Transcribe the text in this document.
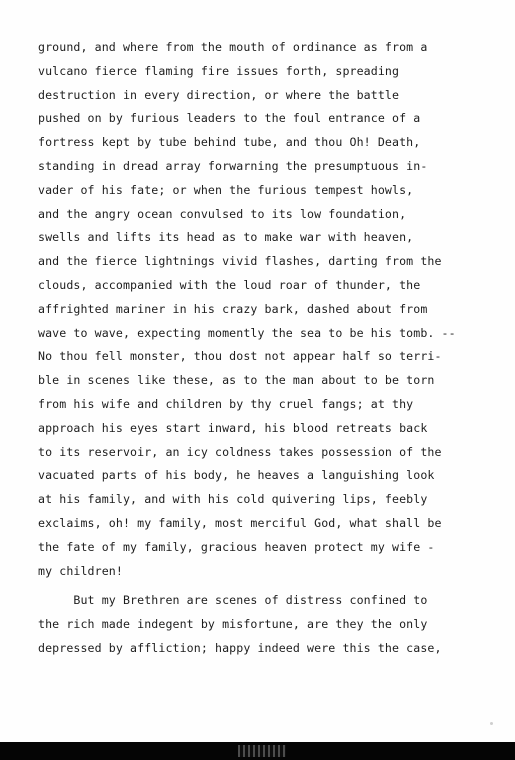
ground, and where from the mouth of ordinance as from a
vulcano fierce flaming fire issues forth, spreading
destruction in every direction, or where the battle
pushed on by furious leaders to the foul entrance of a
fortress kept by tube behind tube, and thou Oh! Death,
standing in dread array forwarning the presumptuous in-
vader of his fate; or when the furious tempest howls,
and the angry ocean convulsed to its low foundation,
swells and lifts its head as to make war with heaven,
and the fierce lightnings vivid flashes, darting from the
clouds, accompanied with the loud roar of thunder, the
affrighted mariner in his crazy bark, dashed about from
wave to wave, expecting momently the sea to be his tomb. --
No thou fell monster, thou dost not appear half so terri-
ble in scenes like these, as to the man about to be torn
from his wife and children by thy cruel fangs; at thy
approach his eyes start inward, his blood retreats back
to its reservoir, an icy coldness takes possession of the
vacuated parts of his body, he heaves a languishing look
at his family, and with his cold quivering lips, feebly
exclaims, oh! my family, most merciful God, what shall be
the fate of my family, gracious heaven protect my wife -
my children!
But my Brethren are scenes of distress confined to
the rich made indegent by misfortune, are they the only
depressed by affliction; happy indeed were this the case,
